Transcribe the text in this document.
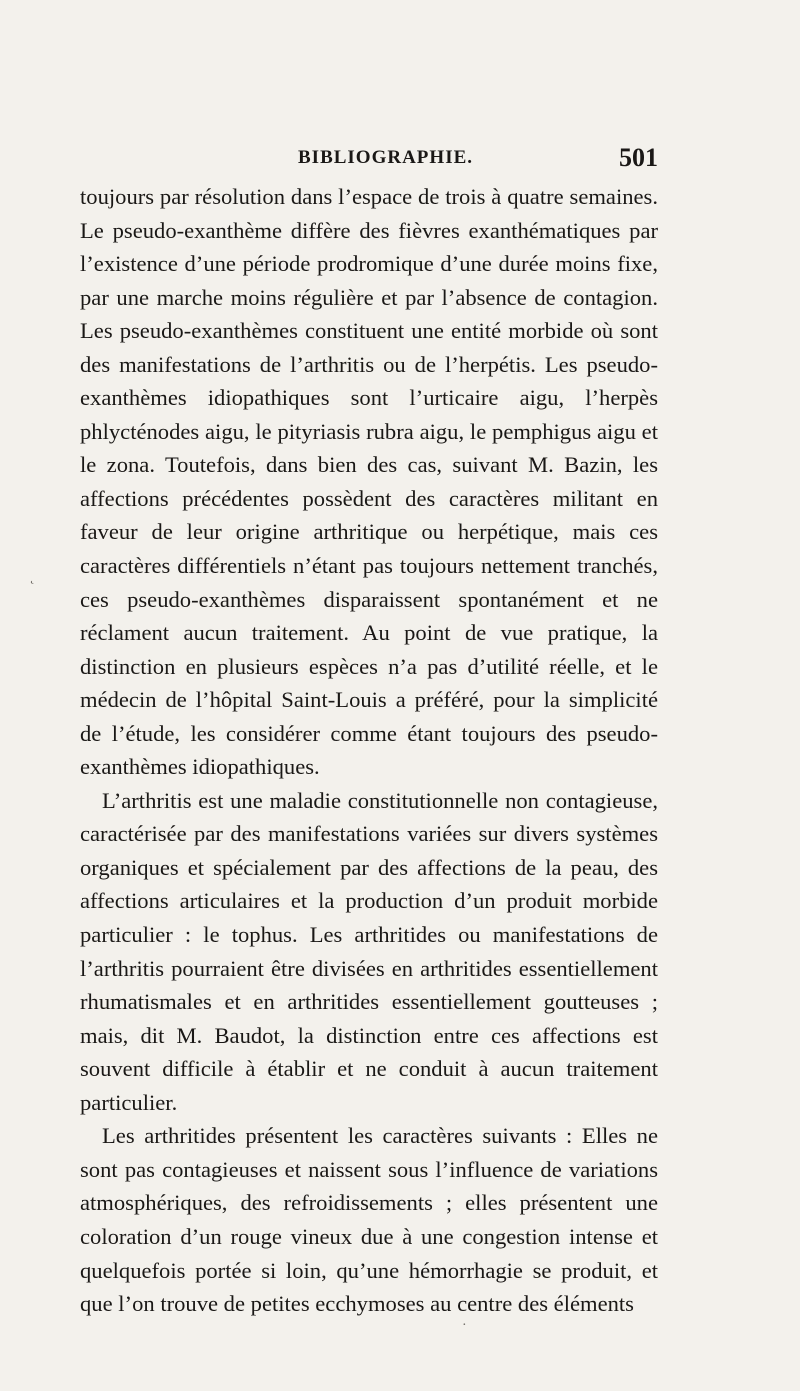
BIBLIOGRAPHIE.	501

toujours par résolution dans l’espace de trois à quatre semaines. Le pseudo-exanthème diffère des fièvres exanthématiques par l’existence d’une période prodromique d’une durée moins fixe, par une marche moins régulière et par l’absence de contagion. Les pseudo-exanthèmes constituent une entité morbide où sont des manifestations de l’arthritis ou de l’herpétis. Les pseudo-exanthèmes idiopathiques sont l’urticaire aigu, l’herpès phlycténodes aigu, le pityriasis rubra aigu, le pemphigus aigu et le zona. Toutefois, dans bien des cas, suivant M. Bazin, les affections précédentes possèdent des caractères militant en faveur de leur origine arthritique ou herpétique, mais ces caractères différentiels n’étant pas toujours nettement tranchés, ces pseudo-exanthèmes disparaissent spontanément et ne réclament aucun traitement. Au point de vue pratique, la distinction en plusieurs espèces n’a pas d’utilité réelle, et le médecin de l’hôpital Saint-Louis a préféré, pour la simplicité de l’étude, les considérer comme étant toujours des pseudo-exanthèmes idiopathiques.

L’arthritis est une maladie constitutionnelle non contagieuse, caractérisée par des manifestations variées sur divers systèmes organiques et spécialement par des affections de la peau, des affections articulaires et la production d’un produit morbide particulier : le tophus. Les arthritides ou manifestations de l’arthritis pourraient être divisées en arthritides essentiellement rhumatismales et en arthritides essentiellement goutteuses ; mais, dit M. Baudot, la distinction entre ces affections est souvent difficile à établir et ne conduit à aucun traitement particulier.

Les arthritides présentent les caractères suivants : Elles ne sont pas contagieuses et naissent sous l’influence de variations atmosphériques, des refroidissements ; elles présentent une coloration d’un rouge vineux due à une congestion intense et quelquefois portée si loin, qu’une hémorrhagie se produit, et que l’on trouve de petites ecchymoses au centre des éléments

˛
·
